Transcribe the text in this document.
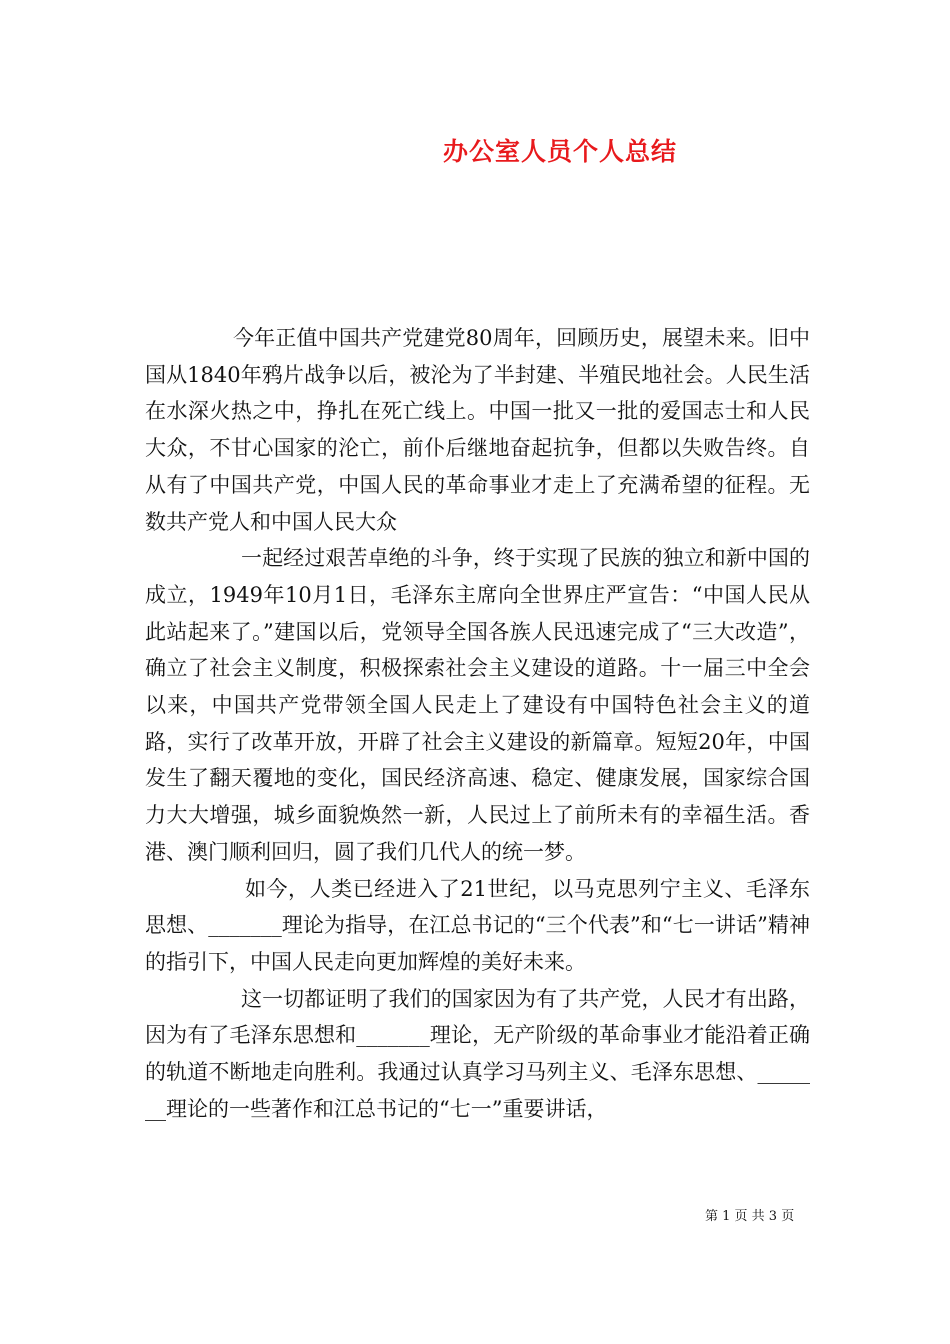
办公室人员个人总结

今年正值中国共产党建党80周年，回顾历史，展望未来。旧中国从1840年鸦片战争以后，被沦为了半封建、半殖民地社会。人民生活在水深火热之中，挣扎在死亡线上。中国一批又一批的爱国志士和人民大众，不甘心国家的沦亡，前仆后继地奋起抗争，但都以失败告终。自从有了中国共产党，中国人民的革命事业才走上了充满希望的征程。无数共产党人和中国人民大众

一起经过艰苦卓绝的斗争，终于实现了民族的独立和新中国的成立，1949年10月1日，毛泽东主席向全世界庄严宣告：“中国人民从此站起来了。”建国以后，党领导全国各族人民迅速完成了“三大改造”，确立了社会主义制度，积极探索社会主义建设的道路。十一届三中全会以来，中国共产党带领全国人民走上了建设有中国特色社会主义的道路，实行了改革开放，开辟了社会主义建设的新篇章。短短20年，中国发生了翻天覆地的变化，国民经济高速、稳定、健康发展，国家综合国力大大增强，城乡面貌焕然一新，人民过上了前所未有的幸福生活。香港、澳门顺利回归，圆了我们几代人的统一梦。

如今，人类已经进入了21世纪，以马克思列宁主义、毛泽东思想、_______理论为指导，在江总书记的“三个代表”和“七一讲话”精神的指引下，中国人民走向更加辉煌的美好未来。

这一切都证明了我们的国家因为有了共产党，人民才有出路，因为有了毛泽东思想和_______理论，无产阶级的革命事业才能沿着正确的轨道不断地走向胜利。我通过认真学习马列主义、毛泽东思想、_______理论的一些著作和江总书记的“七一”重要讲话，

第 1 页 共 3 页
